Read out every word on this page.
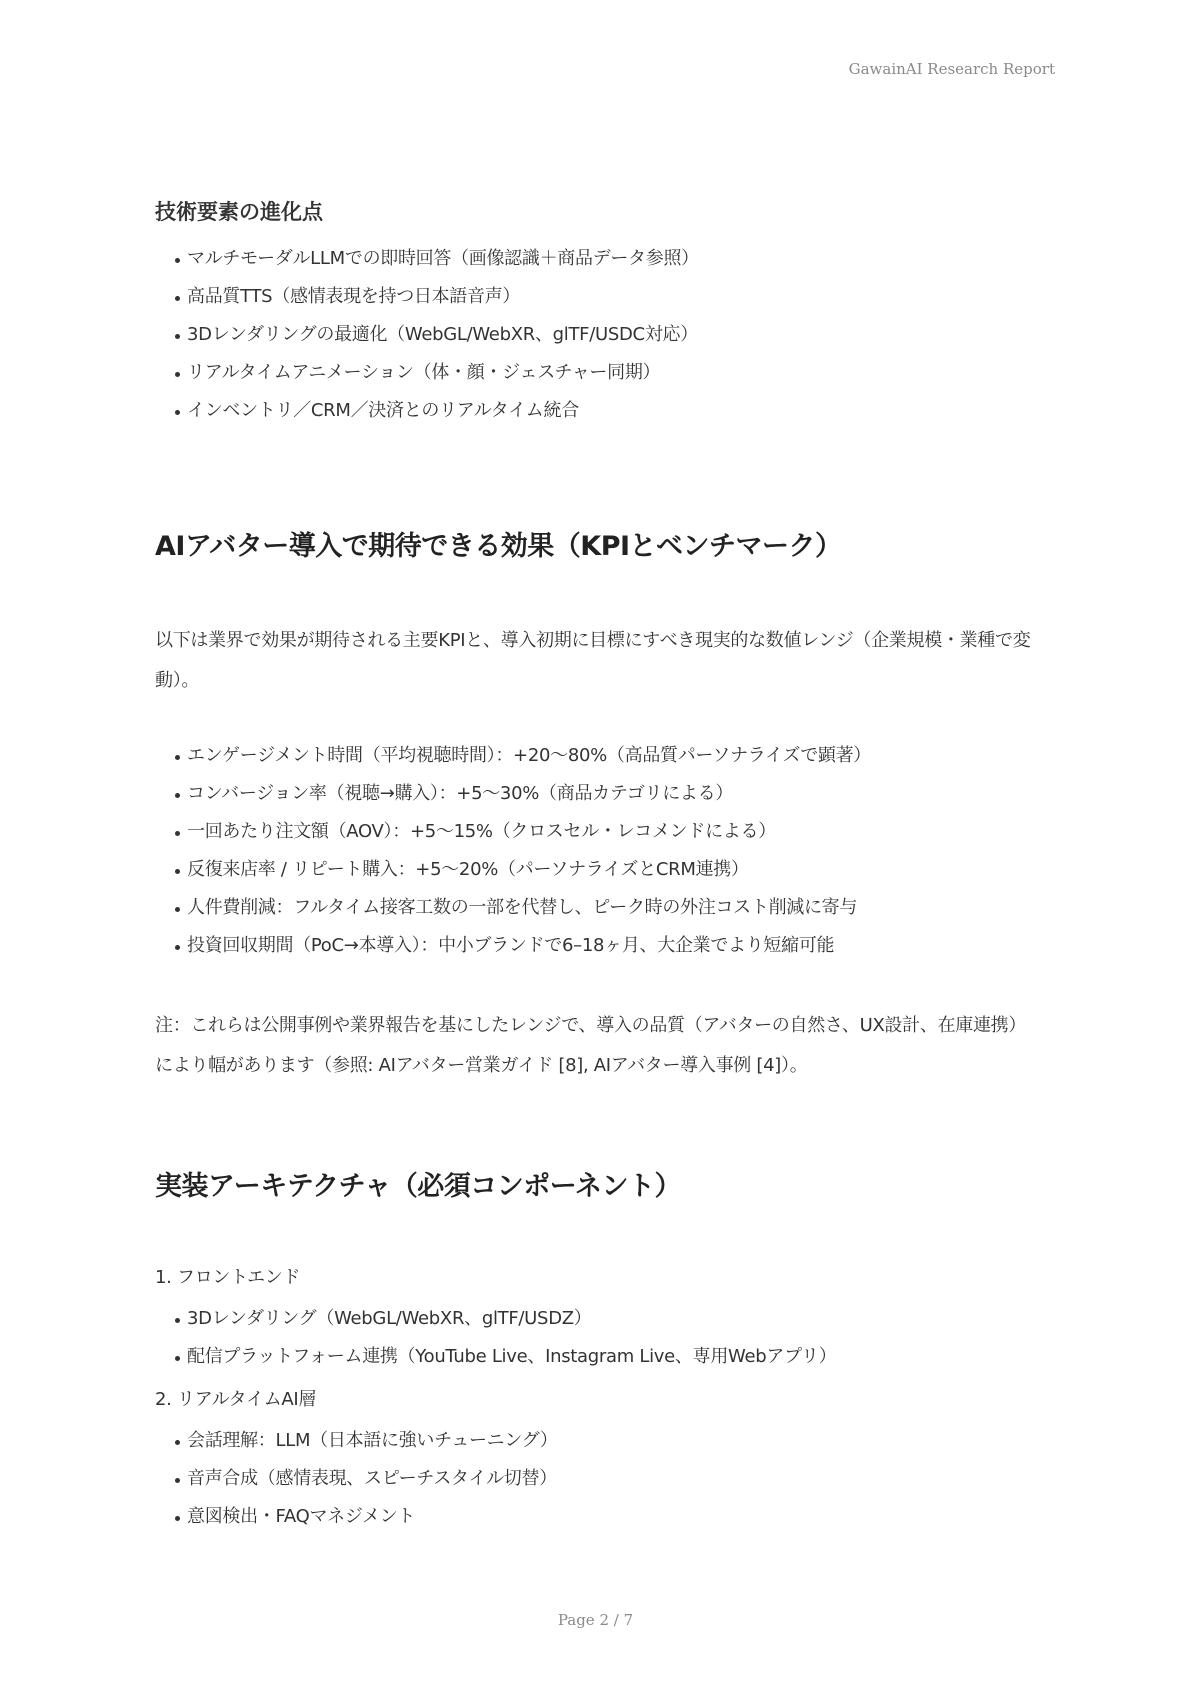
GawainAI Research Report
技術要素の進化点
マルチモーダルLLMでの即時回答（画像認識＋商品データ参照）
高品質TTS（感情表現を持つ日本語音声）
3Dレンダリングの最適化（WebGL/WebXR、glTF/USDC対応）
リアルタイムアニメーション（体・顔・ジェスチャー同期）
インベントリ／CRM／決済とのリアルタイム統合
AIアバター導入で期待できる効果（KPIとベンチマーク）
以下は業界で効果が期待される主要KPIと、導入初期に目標にすべき現実的な数値レンジ（企業規模・業種で変動）。
エンゲージメント時間（平均視聴時間）：+20〜80%（高品質パーソナライズで顕著）
コンバージョン率（視聴→購入）：+5〜30%（商品カテゴリによる）
一回あたり注文額（AOV）：+5〜15%（クロスセル・レコメンドによる）
反復来店率 / リピート購入：+5〜20%（パーソナライズとCRM連携）
人件費削減：フルタイム接客工数の一部を代替し、ピーク時の外注コスト削減に寄与
投資回収期間（PoC→本導入）：中小ブランドで6–18ヶ月、大企業でより短縮可能
注：これらは公開事例や業界報告を基にしたレンジで、導入の品質（アバターの自然さ、UX設計、在庫連携）により幅があります（参照: AIアバター営業ガイド [8], AIアバター導入事例 [4]）。
実装アーキテクチャ（必須コンポーネント）
1. フロントエンド
3Dレンダリング（WebGL/WebXR、glTF/USDZ）
配信プラットフォーム連携（YouTube Live、Instagram Live、専用Webアプリ）
2. リアルタイムAI層
会話理解：LLM（日本語に強いチューニング）
音声合成（感情表現、スピーチスタイル切替）
意図検出・FAQマネジメント
Page 2 / 7
